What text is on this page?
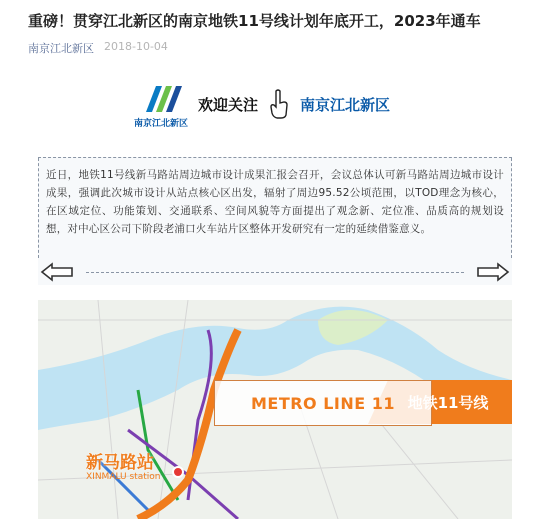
重磅！贯穿江北新区的南京地铁11号线计划年底开工，2023年通车
南京江北新区 2018-10-04
南京江北新区
欢迎关注	南京江北新区
近日，地铁11号线新马路站周边城市设计成果汇报会召开，会议总体认可新马路站周边城市设计成果，强调此次城市设计从站点核心区出发，辐射了周边95.52公顷范围，以TOD理念为核心，在区域定位、功能策划、交通联系、空间风貌等方面提出了观念新、定位准、品质高的规划设想，对中心区公司下阶段老浦口火车站片区整体开发研究有一定的延续借鉴意义。
METRO LINE 11 地铁11号线
新马路站
XINMALU station
